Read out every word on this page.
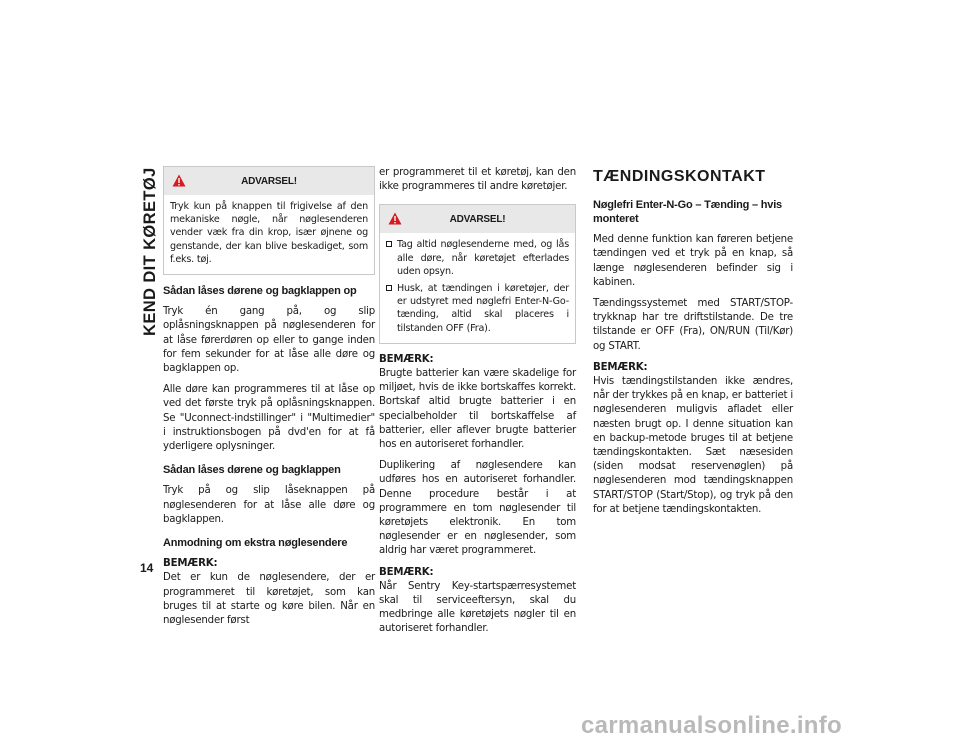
KEND DIT KØRETØJ
14
ADVARSEL!

Tryk kun på knappen til frigivelse af den mekaniske nøgle, når nøglesenderen vender væk fra din krop, især øjnene og genstande, der kan blive beskadiget, som f.eks. tøj.

Sådan låses dørene og bagklappen op

Tryk én gang på, og slip oplåsningsknappen på nøglesenderen for at låse førerdøren op eller to gange inden for fem sekunder for at låse alle døre og bagklappen op.

Alle døre kan programmeres til at låse op ved det første tryk på oplåsningsknappen. Se "Uconnect-indstillinger" i "Multimedier" i instruktionsbogen på dvd'en for at få yderligere oplysninger.

Sådan låses dørene og bagklappen

Tryk på og slip låseknappen på nøglesenderen for at låse alle døre og bagklappen.

Anmodning om ekstra nøglesendere

BEMÆRK:
Det er kun de nøglesendere, der er programmeret til køretøjet, som kan bruges til at starte og køre bilen. Når en nøglesender først

er programmeret til et køretøj, kan den ikke programmeres til andre køretøjer.

ADVARSEL!
Tag altid nøglesenderne med, og lås alle døre, når køretøjet efterlades uden opsyn.
Husk, at tændingen i køretøjer, der er udstyret med nøglefri Enter-N-Go-tænding, altid skal placeres i tilstanden OFF (Fra).

BEMÆRK:
Brugte batterier kan være skadelige for miljøet, hvis de ikke bortskaffes korrekt. Bortskaf altid brugte batterier i en specialbeholder til bortskaffelse af batterier, eller aflever brugte batterier hos en autoriseret forhandler.

Duplikering af nøglesendere kan udføres hos en autoriseret forhandler. Denne procedure består i at programmere en tom nøglesender til køretøjets elektronik. En tom nøglesender er en nøglesender, som aldrig har været programmeret.

BEMÆRK:
Når Sentry Key-startspærresystemet skal til serviceeftersyn, skal du medbringe alle køretøjets nøgler til en autoriseret forhandler.

TÆNDINGSKONTAKT
Nøglefri Enter-N-Go – Tænding – hvis monteret

Med denne funktion kan føreren betjene tændingen ved et tryk på en knap, så længe nøglesenderen befinder sig i kabinen.

Tændingssystemet med START/STOP-trykknap har tre driftstilstande. De tre tilstande er OFF (Fra), ON/RUN (Til/Kør) og START.

BEMÆRK:
Hvis tændingstilstanden ikke ændres, når der trykkes på en knap, er batteriet i nøglesenderen muligvis afladet eller næsten brugt op. I denne situation kan en backup-metode bruges til at betjene tændingskontakten. Sæt næsesiden (siden modsat reservenøglen) på nøglesenderen mod tændingsknappen START/STOP (Start/Stop), og tryk på den for at betjene tændingskontakten.

carmanualsonline.info
